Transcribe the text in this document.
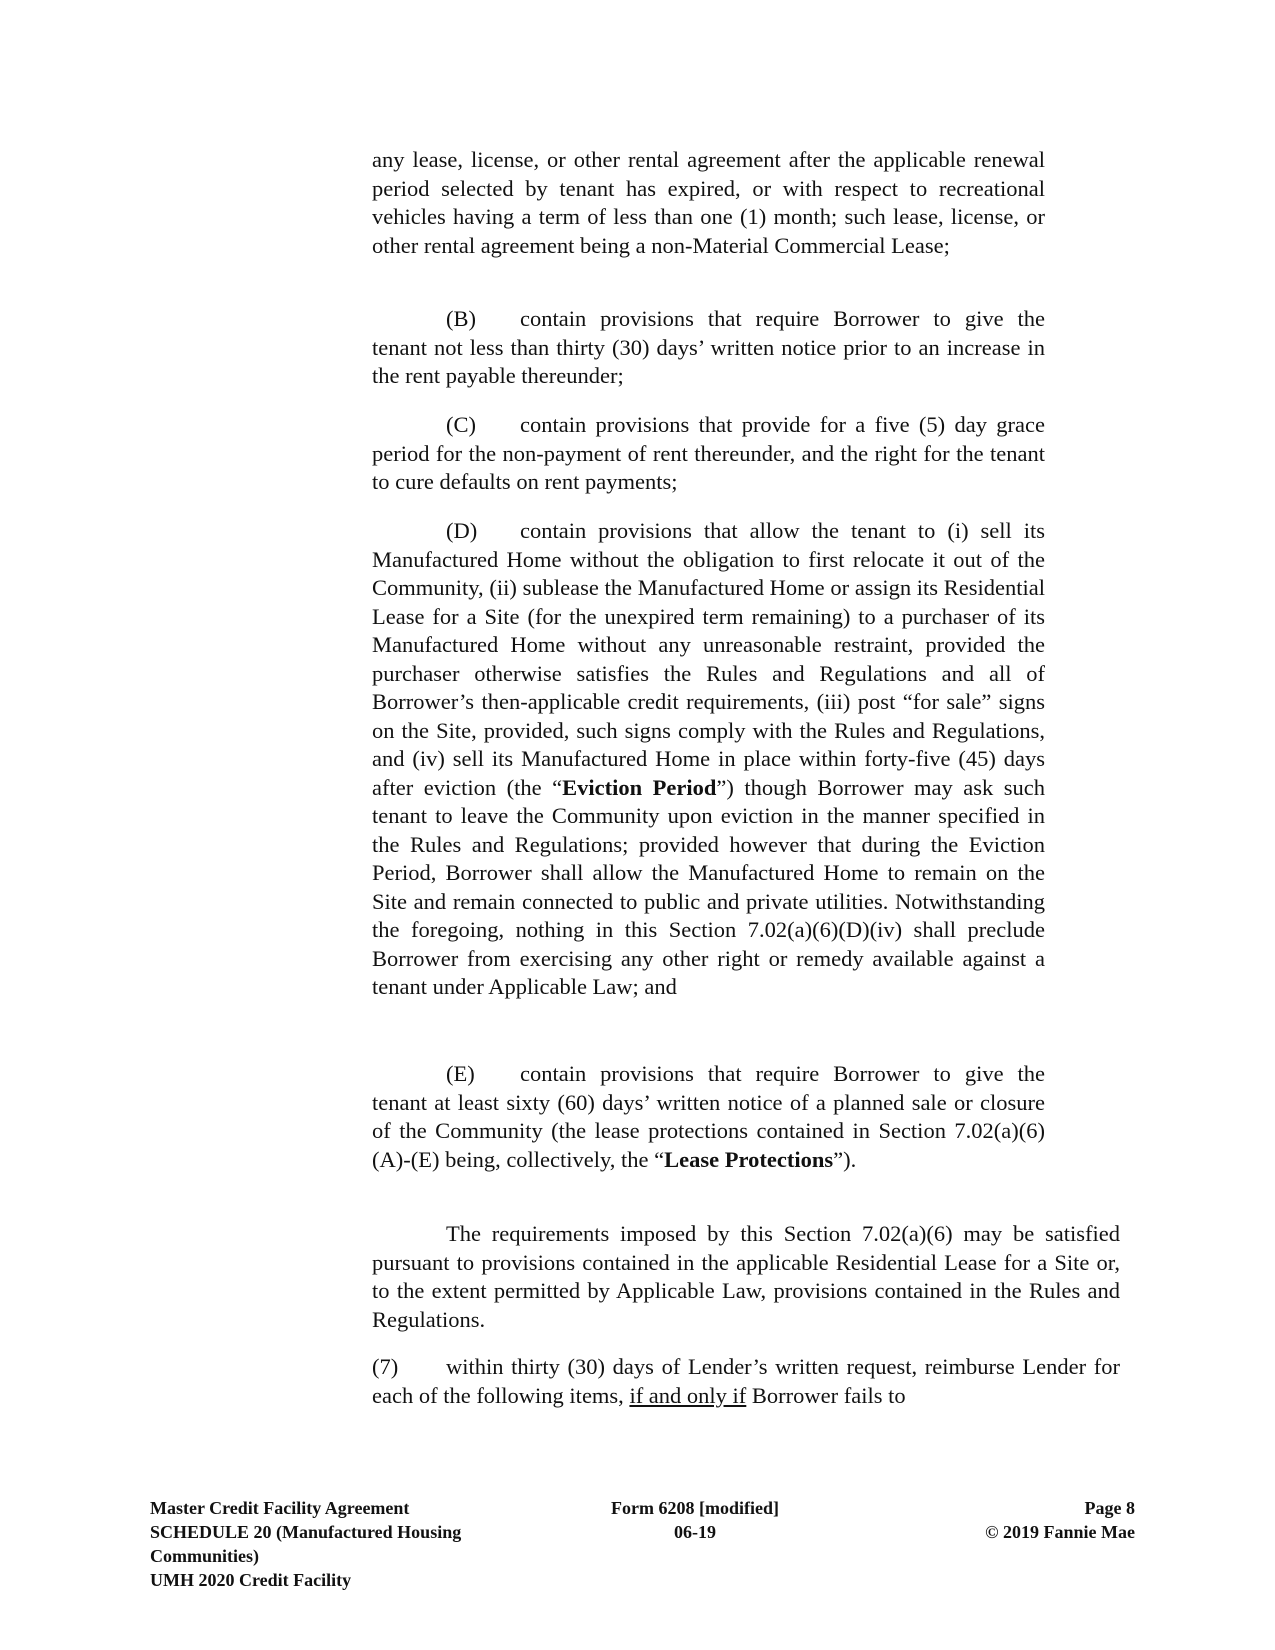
any lease, license, or other rental agreement after the applicable renewal period selected by tenant has expired, or with respect to recreational vehicles having a term of less than one (1) month; such lease, license, or other rental agreement being a non-Material Commercial Lease;

(B) contain provisions that require Borrower to give the tenant not less than thirty (30) days’ written notice prior to an increase in the rent payable thereunder;

(C) contain provisions that provide for a five (5) day grace period for the non-payment of rent thereunder, and the right for the tenant to cure defaults on rent payments;

(D) contain provisions that allow the tenant to (i) sell its Manufactured Home without the obligation to first relocate it out of the Community, (ii) sublease the Manufactured Home or assign its Residential Lease for a Site (for the unexpired term remaining) to a purchaser of its Manufactured Home without any unreasonable restraint, provided the purchaser otherwise satisfies the Rules and Regulations and all of Borrower’s then-applicable credit requirements, (iii) post “for sale” signs on the Site, provided, such signs comply with the Rules and Regulations, and (iv) sell its Manufactured Home in place within forty-five (45) days after eviction (the “Eviction Period”) though Borrower may ask such tenant to leave the Community upon eviction in the manner specified in the Rules and Regulations; provided however that during the Eviction Period, Borrower shall allow the Manufactured Home to remain on the Site and remain connected to public and private utilities. Notwithstanding the foregoing, nothing in this Section 7.02(a)(6)(D)(iv) shall preclude Borrower from exercising any other right or remedy available against a tenant under Applicable Law; and

(E) contain provisions that require Borrower to give the tenant at least sixty (60) days’ written notice of a planned sale or closure of the Community (the lease protections contained in Section 7.02(a)(6)(A)-(E) being, collectively, the “Lease Protections”).

The requirements imposed by this Section 7.02(a)(6) may be satisfied pursuant to provisions contained in the applicable Residential Lease for a Site or, to the extent permitted by Applicable Law, provisions contained in the Rules and Regulations.

(7) within thirty (30) days of Lender’s written request, reimburse Lender for each of the following items, if and only if Borrower fails to

Master Credit Facility Agreement
SCHEDULE 20 (Manufactured Housing Communities)
UMH 2020 Credit Facility
Form 6208 [modified]
06-19
Page 8
© 2019 Fannie Mae
